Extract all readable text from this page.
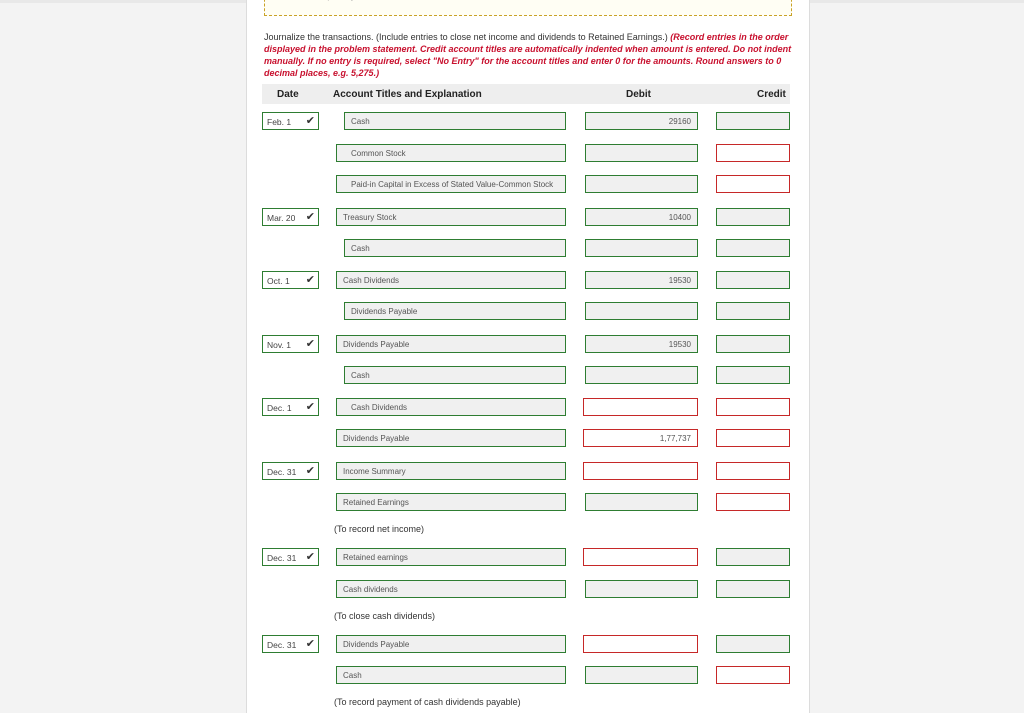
Journalize the transactions. (Include entries to close net income and dividends to Retained Earnings.) (Record entries in the order displayed in the problem statement. Credit account titles are automatically indented when amount is entered. Do not indent manually. If no entry is required, select "No Entry" for the account titles and enter 0 for the amounts. Round answers to 0 decimal places, e.g. 5,275.)
Date	Account Titles and Explanation	Debit	Credit
Feb. 1 ✔︎	Cash	29160
Common Stock
Paid-in Capital in Excess of Stated Value-Common Stock
Mar. 20 ✔︎	Treasury Stock	10400
Cash
Oct. 1 ✔︎	Cash Dividends	19530
Dividends Payable
Nov. 1 ✔︎	Dividends Payable	19530
Cash
Dec. 1 ✔︎	Cash Dividends
Dividends Payable	1,77,737
Dec. 31 ✔︎	Income Summary
Retained Earnings
(To record net income)
Dec. 31 ✔︎	Retained earnings
Cash dividends
(To close cash dividends)
Dec. 31 ✔︎	Dividends Payable
Cash
(To record payment of cash dividends payable)
